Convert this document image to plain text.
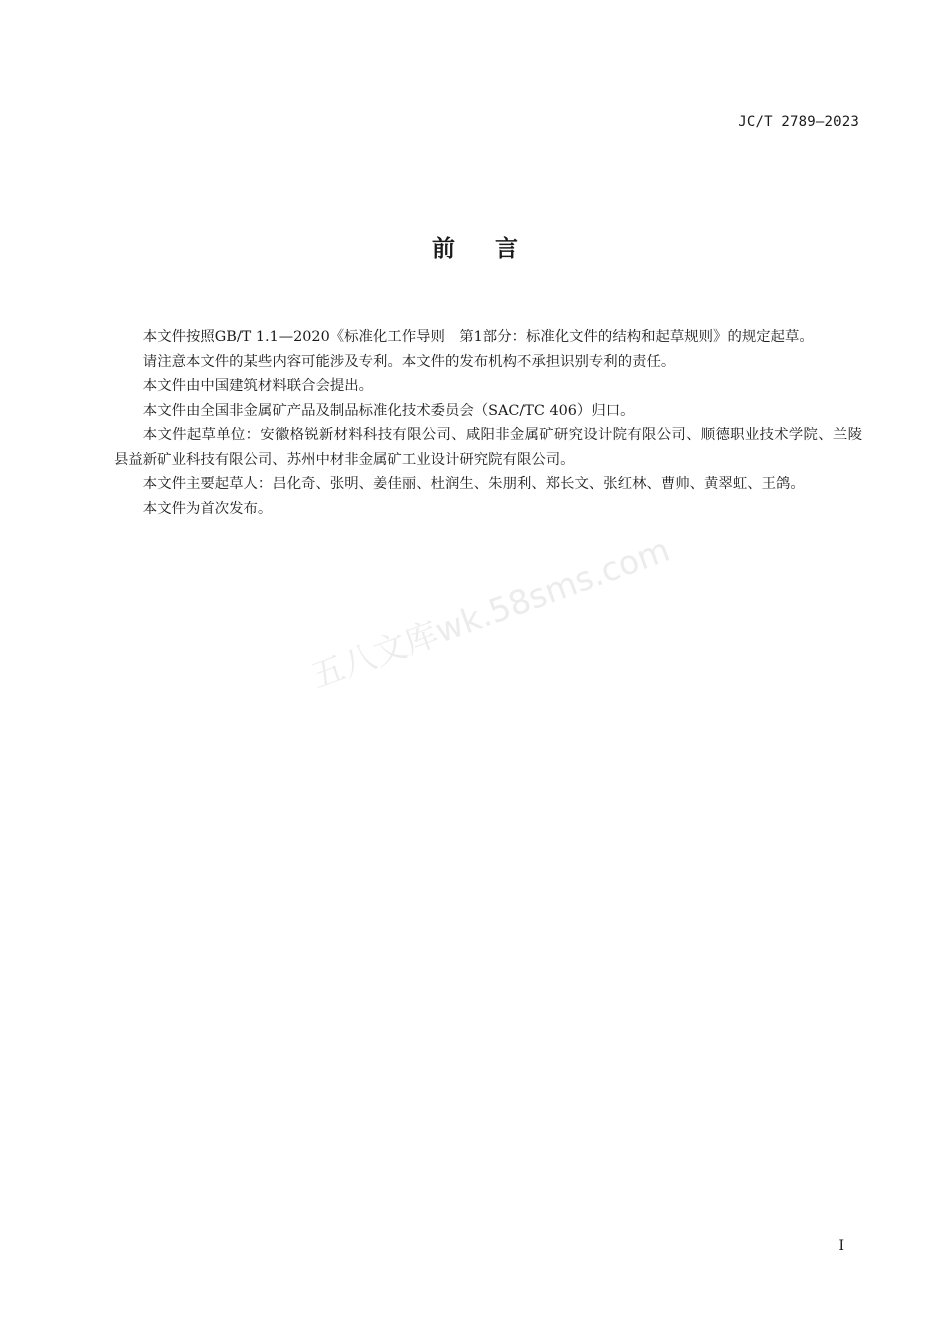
JC/T 2789—2023
前言

本文件按照GB/T 1.1—2020《标准化工作导则　第1部分：标准化文件的结构和起草规则》的规定起草。

请注意本文件的某些内容可能涉及专利。本文件的发布机构不承担识别专利的责任。

本文件由中国建筑材料联合会提出。

本文件由全国非金属矿产品及制品标准化技术委员会（SAC/TC 406）归口。

本文件起草单位：安徽格锐新材料科技有限公司、咸阳非金属矿研究设计院有限公司、顺德职业技术学院、兰陵县益新矿业科技有限公司、苏州中材非金属矿工业设计研究院有限公司。

本文件主要起草人：吕化奇、张明、姜佳丽、杜润生、朱朋利、郑长文、张红林、曹帅、黄翠虹、王鸽。

本文件为首次发布。

五八文库wk.58sms.com
I
